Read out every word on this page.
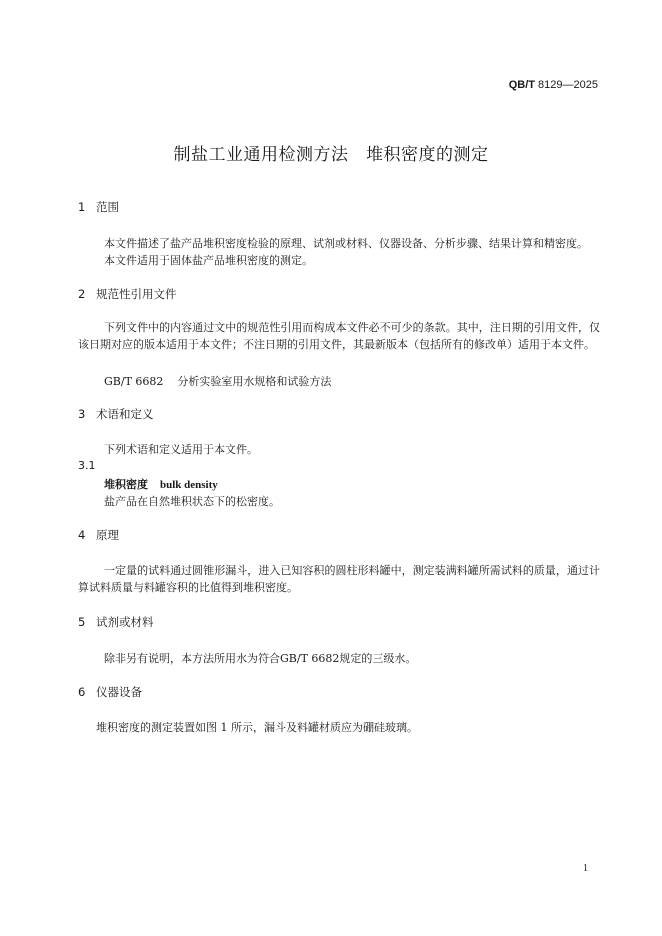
QB/T 8129—2025
制盐工业通用检测方法　堆积密度的测定
1 范围
本文件描述了盐产品堆积密度检验的原理、试剂或材料、仪器设备、分析步骤、结果计算和精密度。
本文件适用于固体盐产品堆积密度的测定。
2 规范性引用文件
下列文件中的内容通过文中的规范性引用而构成本文件必不可少的条款。其中，注日期的引用文件，仅该日期对应的版本适用于本文件；不注日期的引用文件，其最新版本（包括所有的修改单）适用于本文件。
GB/T 6682 分析实验室用水规格和试验方法
3 术语和定义
下列术语和定义适用于本文件。
3.1
堆积密度 bulk density
盐产品在自然堆积状态下的松密度。
4 原理
一定量的试料通过圆锥形漏斗，进入已知容积的圆柱形料罐中，测定装满料罐所需试料的质量，通过计算试料质量与料罐容积的比值得到堆积密度。
5 试剂或材料
除非另有说明，本方法所用水为符合GB/T 6682规定的三级水。
6 仪器设备
堆积密度的测定装置如图 1 所示，漏斗及料罐材质应为硼硅玻璃。
1
